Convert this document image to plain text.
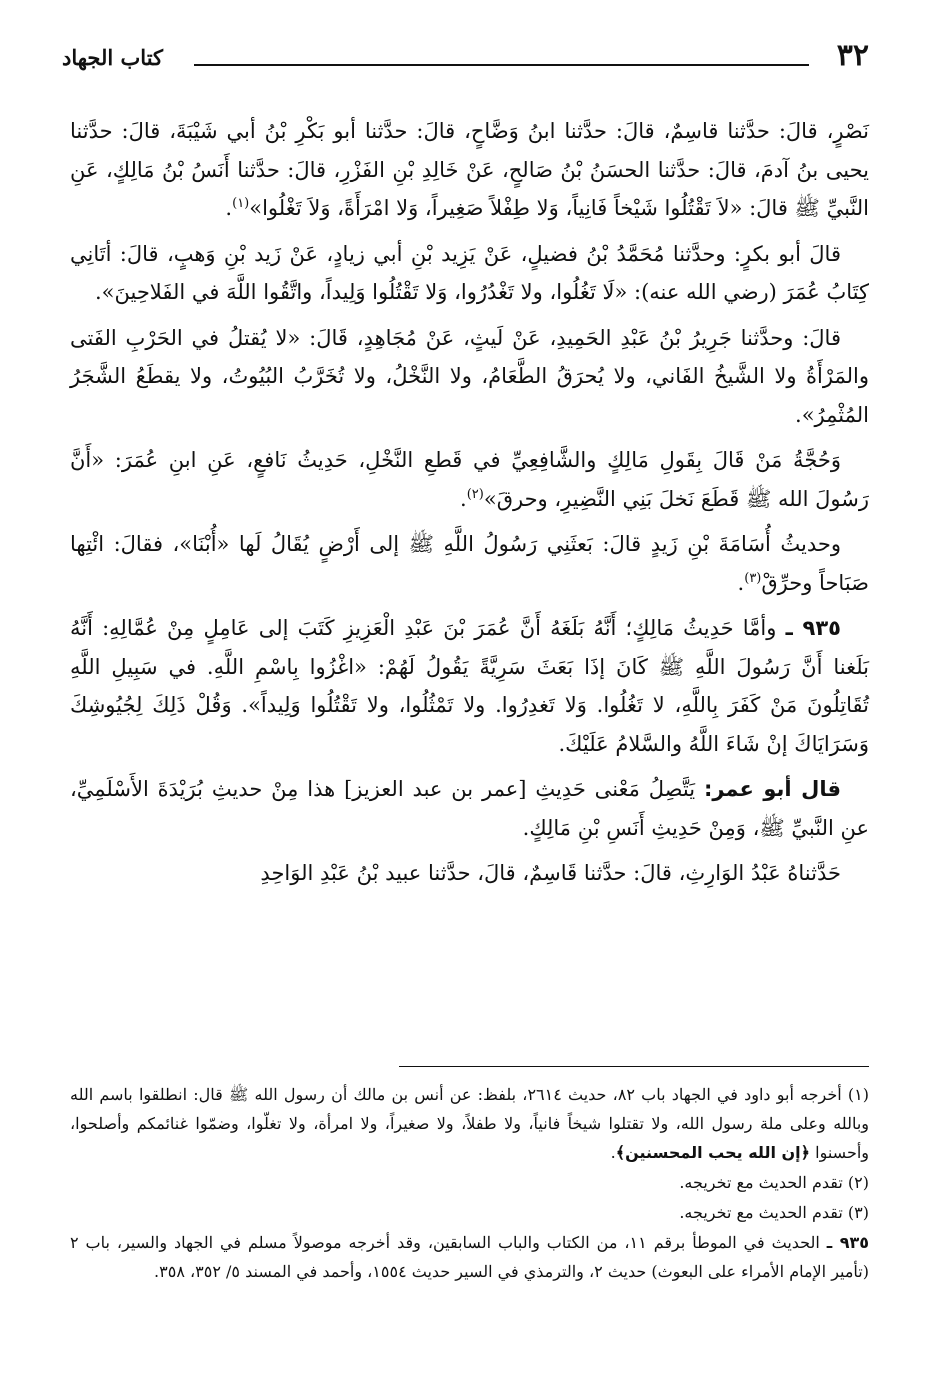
٣٢
كتاب الجهاد

نَصْرٍ، قالَ: حدَّثنا قاسِمٌ، قالَ: حدَّثنا ابنُ وَضَّاحٍ، قالَ: حدَّثنا أبو بَكْرِ بْنُ أبي شَيْبَةَ، قالَ: حدَّثنا يحيى بنُ آدمَ، قالَ: حدَّثنا الحسَنُ بْنُ صَالحٍ، عَنْ خَالِدِ بْنِ الفَزْرِ، قالَ: حدَّثنا أَنَسُ بْنُ مَالِكٍ، عَنِ النَّبيِّ ﷺ قالَ: «لاَ تَقْتُلُوا شَيْخاً فَانِياً، وَلا طِفْلاً صَغِيراً، وَلا امْرَأَةً، وَلاَ تَغْلُوا»$^{(١)}$.

قالَ أبو بكرٍ: وحدَّثنا مُحَمَّدُ بْنُ فضيلٍ، عَنْ يَزِيد بْنِ أبي زيادٍ، عَنْ زَيد بْنِ وَهبٍ، قالَ: أتَانِي كِتَابُ عُمَرَ (رضي الله عنه): «لَا تَغُلُوا، ولا تَغْدُرُوا، وَلا تَقْتُلُوا وَلِيداً، واتَّقُوا اللَّهَ في الفَلاحِينَ».

قالَ: وحدَّثنا جَرِيرُ بْنُ عَبْدِ الحَمِيدِ، عَنْ لَيثٍ، عَنْ مُجَاهِدٍ، قَالَ: «لا يُقتلُ في الحَرْبِ الفَتى والمَرْأَةُ ولا الشَّيخُ الفَاني، ولا يُحرَقُ الطَّعَامُ، ولا النَّخْلُ، ولا تُخَرَّبُ البُيُوتُ، ولا يقطَعُ الشَّجَرُ المُثْمِرُ».

وَحُجَّةُ مَنْ قَالَ بِقَولِ مَالِكٍ والشَّافِعِيِّ في قَطعِ النَّخْلِ، حَدِيثُ نَافعٍ، عَنِ ابنِ عُمَرَ: «أَنَّ رَسُولَ الله ﷺ قَطَعَ نَخلَ بَنِي النَّضِيرِ، وحرقَ»$^{(٢)}$.

وحديثُ أُسَامَةَ بْنِ زَيدٍ قالَ: بَعثَنِي رَسُولُ اللَّهِ ﷺ إلى أَرْضٍ يُقَالُ لَها «أُبْنَا»، فقالَ: ائْتِها صَبَاحاً وحرِّقْ$^{(٣)}$.

٩٣٥ ـ وأمَّا حَدِيثُ مَالِكٍ؛ أَنَّهُ بَلَغَهُ أَنَّ عُمَرَ بْنَ عَبْدِ الْعَزِيزِ كَتَبَ إلى عَامِلٍ مِنْ عُمَّالِهِ: أَنَّهُ بَلَغنا أَنَّ رَسُولَ اللَّهِ ﷺ كَانَ إذَا بَعَثَ سَرِيَّةً يَقُولُ لَهُمْ: «اغْزُوا بِاسْمِ اللَّهِ. في سَبِيلِ اللَّهِ تُقَاتِلُونَ مَنْ كَفَرَ بِاللَّهِ، لا تَغُلُوا. وَلا تَغدِرُوا. ولا تَمْثُلُوا، ولا تَقْتُلُوا وَلِيداً». وَقُلْ ذَلِكَ لِجُيُوشِكَ وَسَرَايَاكَ إنْ شَاءَ اللَّهُ والسَّلامُ عَلَيْكَ.

قال أبو عمر: يَتَّصِلُ مَعْنى حَدِيثِ [عمر بن عبد العزيز] هذا مِنْ حديثِ بُرَيْدَةَ الأَسْلَمِيِّ، عنِ النَّبيِّ ﷺ، وَمِنْ حَدِيثِ أَنَسِ بْنِ مَالِكٍ.

حَدَّثناهُ عَبْدُ الوَارِثِ، قالَ: حدَّثنا قَاسِمٌ، قالَ، حدَّثنا عبيد بْنُ عَبْدِ الوَاحِدِ

(١) أخرجه أبو داود في الجهاد باب ٨٢، حديث ٢٦١٤، بلفظ: عن أنس بن مالك أن رسول الله ﷺ قال: انطلقوا باسم الله وبالله وعلى ملة رسول الله، ولا تقتلوا شيخاً فانياً، ولا طفلاً، ولا صغيراً، ولا امرأة، ولا تغلّوا، وضمّوا غنائمكم وأصلحوا، وأحسنوا ﴿إن الله يحب المحسنين﴾.

(٢) تقدم الحديث مع تخريجه.

(٣) تقدم الحديث مع تخريجه.

٩٣٥ ـ الحديث في الموطأ برقم ١١، من الكتاب والباب السابقين، وقد أخرجه موصولاً مسلم في الجهاد والسير، باب ٢ (تأمير الإمام الأمراء على البعوث) حديث ٢، والترمذي في السير حديث ١٥٥٤، وأحمد في المسند ٥/ ٣٥٢، ٣٥٨.
